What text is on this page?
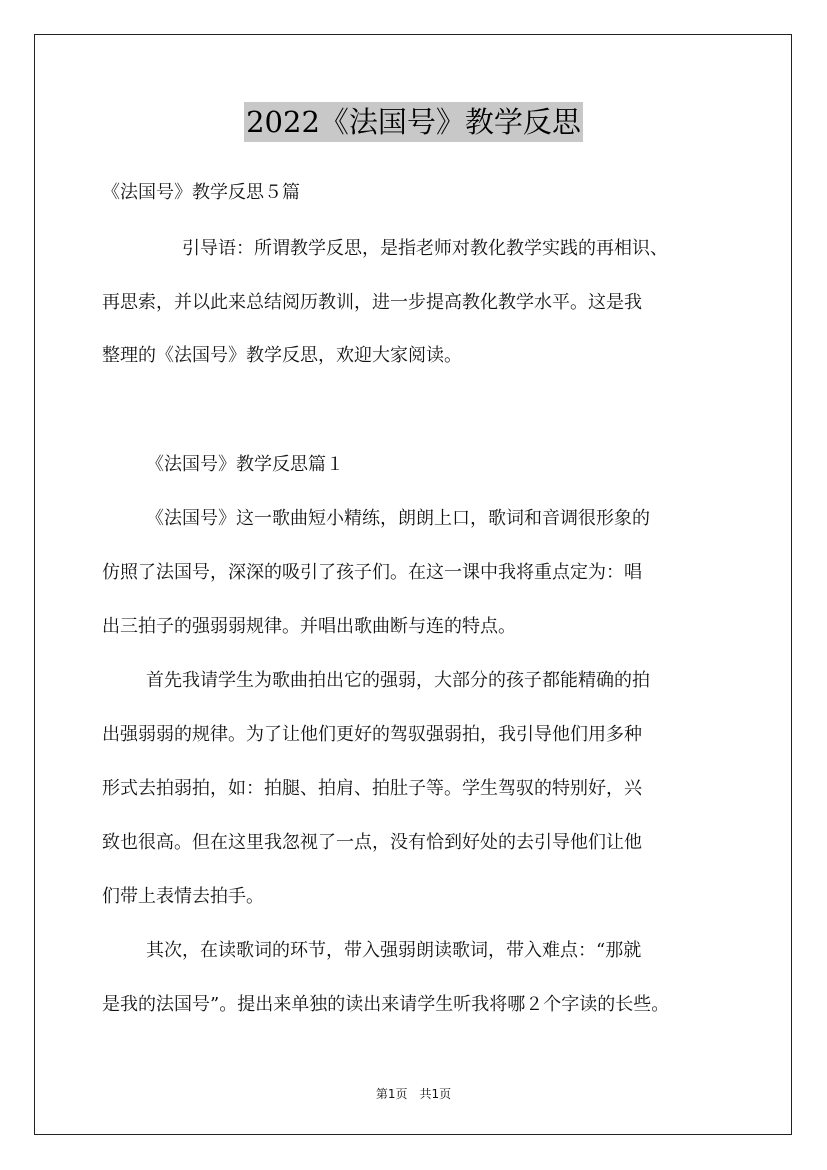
2022《法国号》教学反思
《法国号》教学反思５篇
引导语：所谓教学反思，是指老师对教化教学实践的再相识、
再思索，并以此来总结阅历教训，进一步提高教化教学水平。这是我
整理的《法国号》教学反思，欢迎大家阅读。
《法国号》教学反思篇１
《法国号》这一歌曲短小精练，朗朗上口，歌词和音调很形象的
仿照了法国号，深深的吸引了孩子们。在这一课中我将重点定为：唱
出三拍子的强弱弱规律。并唱出歌曲断与连的特点。
首先我请学生为歌曲拍出它的强弱，大部分的孩子都能精确的拍
出强弱弱的规律。为了让他们更好的驾驭强弱拍，我引导他们用多种
形式去拍弱拍，如：拍腿、拍肩、拍肚子等。学生驾驭的特别好，兴
致也很高。但在这里我忽视了一点，没有恰到好处的去引导他们让他
们带上表情去拍手。
其次，在读歌词的环节，带入强弱朗读歌词，带入难点：“那就
是我的法国号”。提出来单独的读出来请学生听我将哪２个字读的长些。
第1页　共1页
